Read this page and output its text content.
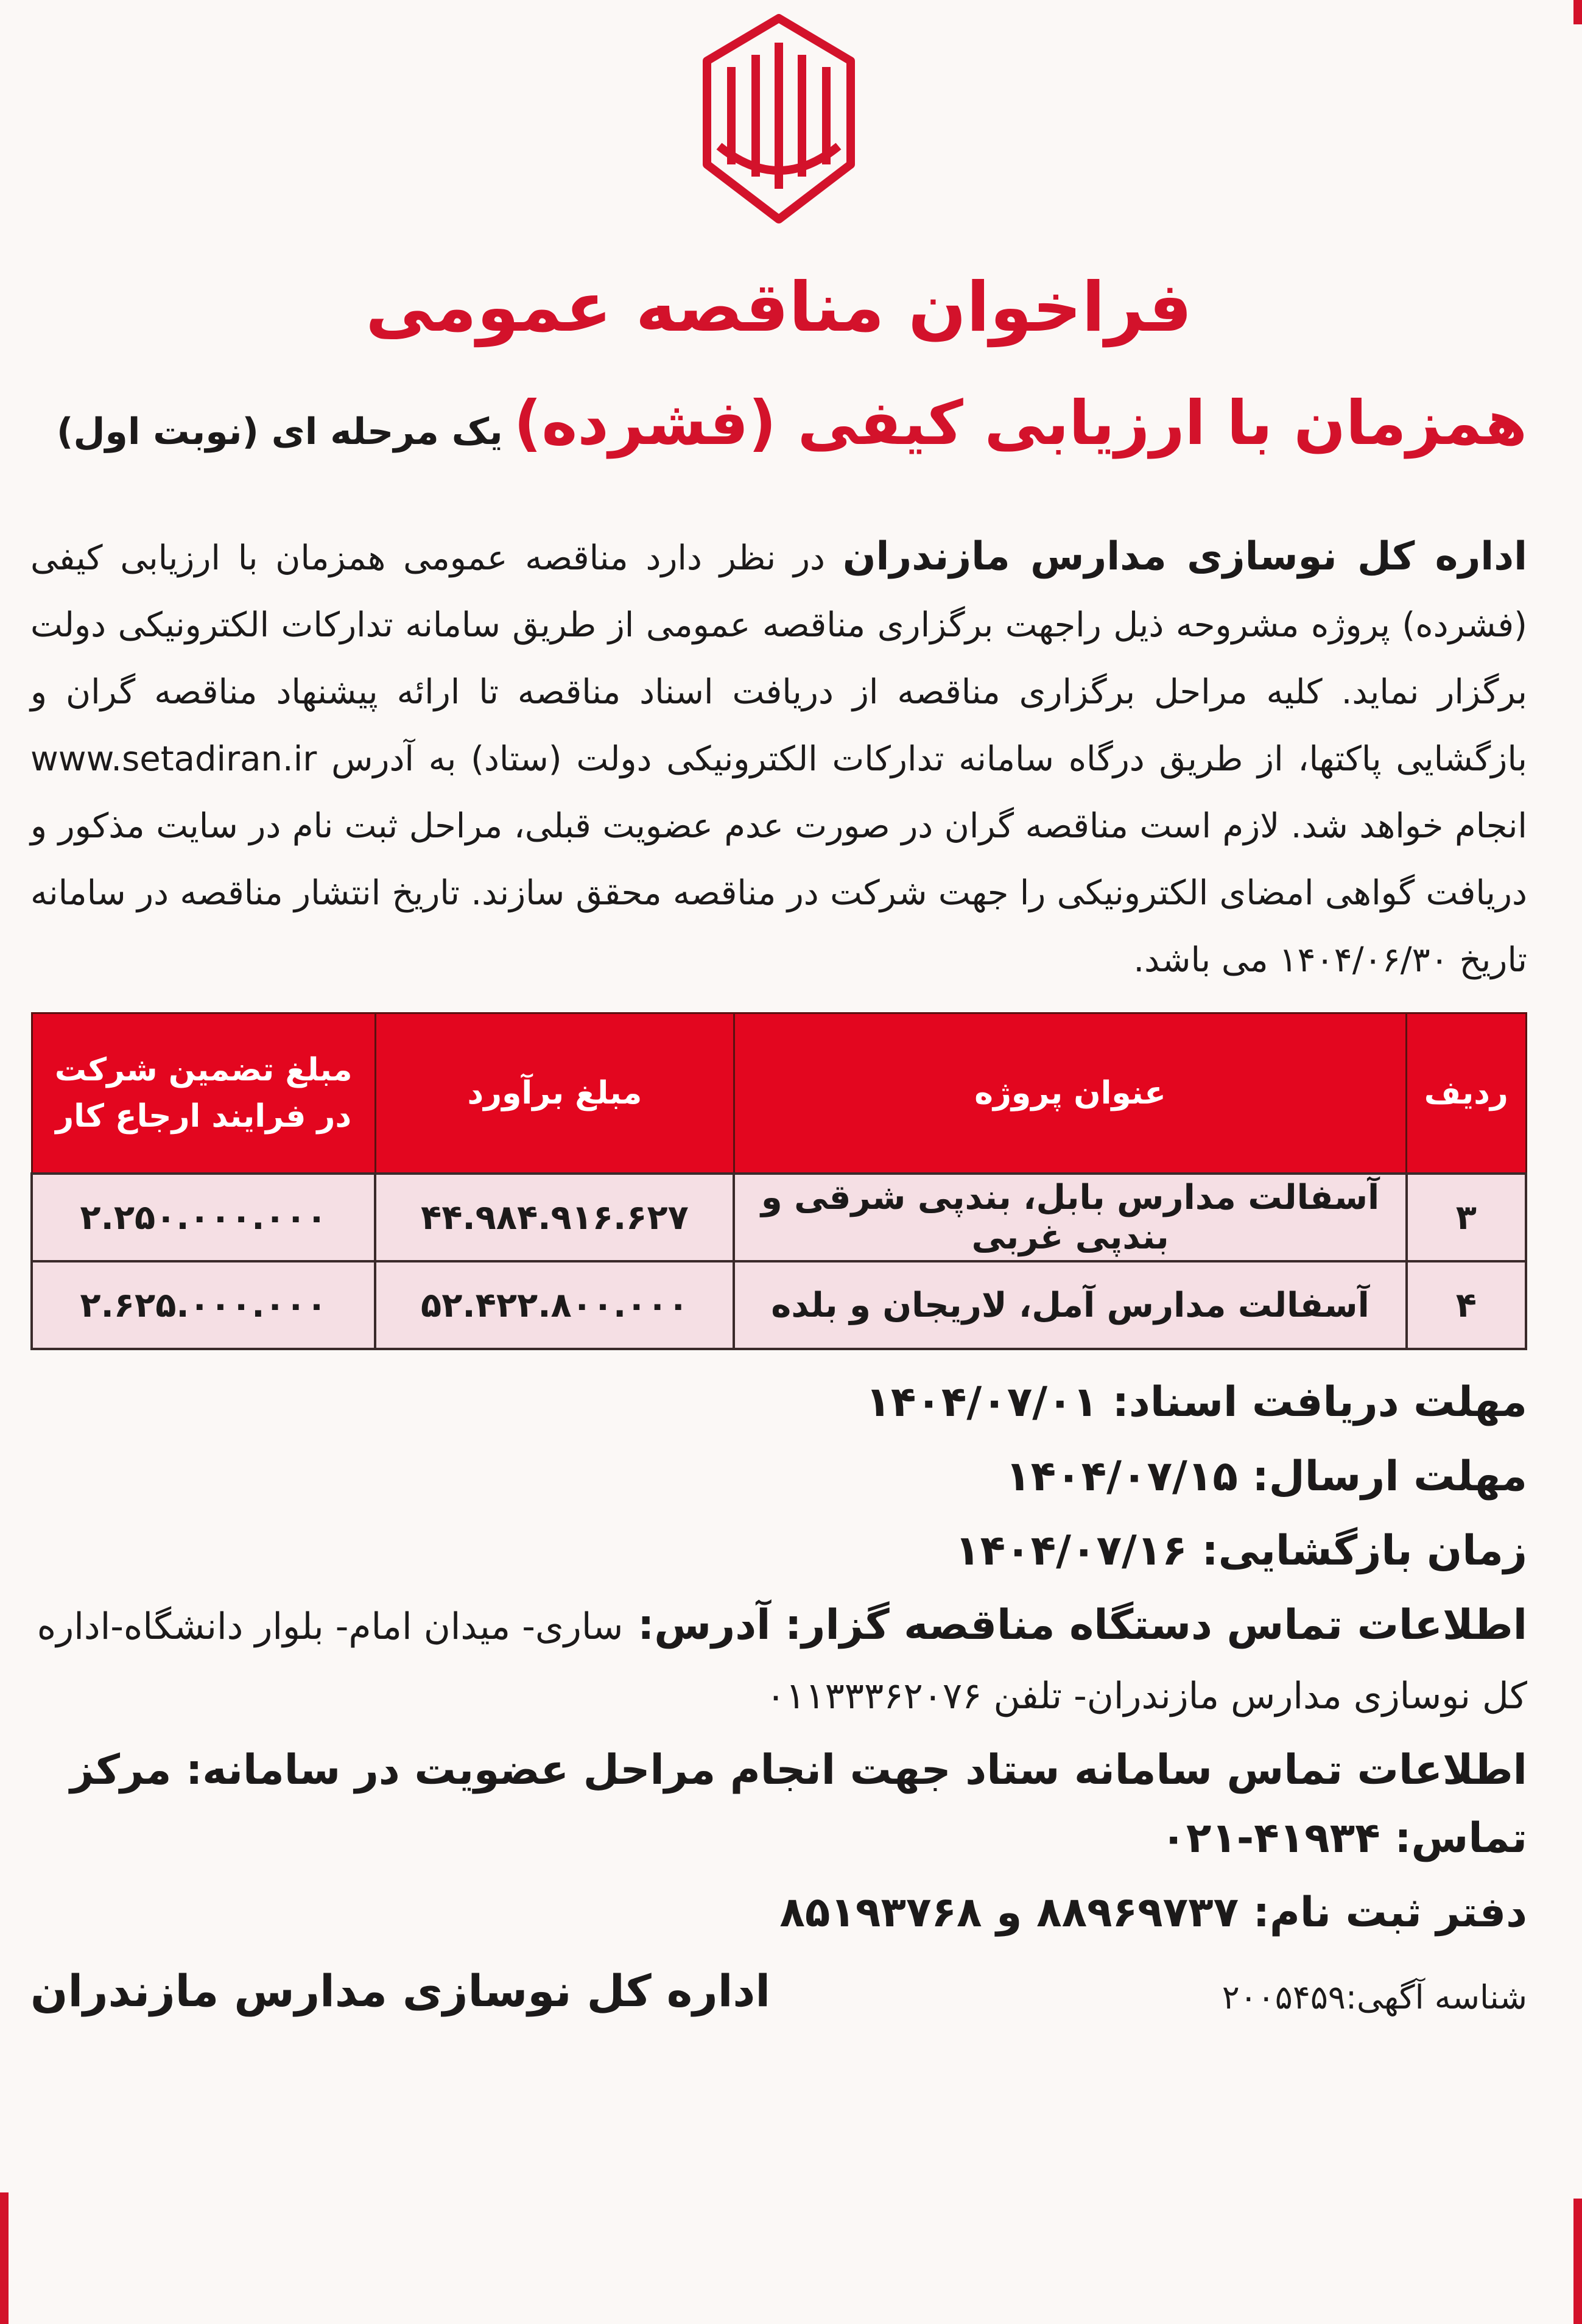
فراخوان مناقصه عمومی
همزمان با ارزیابی کیفی (فشرده)یک مرحله ای (نوبت اول)
اداره کل نوسازی مدارس مازندران در نظر دارد مناقصه عمومی همزمان با ارزیابی کیفی (فشرده) پروژه مشروحه ذیل راجهت برگزاری مناقصه عمومی از طریق سامانه تدارکات الکترونیکی دولت برگزار نماید. کلیه مراحل برگزاری مناقصه از دریافت اسناد مناقصه تا ارائه پیشنهاد مناقصه گران و بازگشایی پاکتها، از طریق درگاه سامانه تدارکات الکترونیکی دولت (ستاد) به آدرس www.setadiran.ir انجام خواهد شد. لازم است مناقصه گران در صورت عدم عضویت قبلی، مراحل ثبت نام در سایت مذکور و دریافت گواهی امضای الکترونیکی را جهت شرکت در مناقصه محقق سازند. تاریخ انتشار مناقصه در سامانه تاریخ ۱۴۰۴/۰۶/۳۰ می باشد.
ردیف	عنوان پروژه	مبلغ برآورد	مبلغ تضمین شرکت در فرایند ارجاع کار
۳	آسفالت مدارس بابل، بندپی شرقی و بندپی غربی	۴۴.۹۸۴.۹۱۶.۶۲۷	۲.۲۵۰.۰۰۰.۰۰۰
۴	آسفالت مدارس آمل، لاریجان و بلده	۵۲.۴۲۲.۸۰۰.۰۰۰	۲.۶۲۵.۰۰۰.۰۰۰
مهلت دریافت اسناد: ۱۴۰۴/۰۷/۰۱
مهلت ارسال: ۱۴۰۴/۰۷/۱۵
زمان بازگشایی: ۱۴۰۴/۰۷/۱۶
اطلاعات تماس دستگاه مناقصه گزار: آدرس: ساری- میدان امام- بلوار دانشگاه-اداره کل نوسازی مدارس مازندران- تلفن ۰۱۱۳۳۳۶۲۰۷۶
اطلاعات تماس سامانه ستاد جهت انجام مراحل عضویت در سامانه: مرکز تماس: ۰۲۱-۴۱۹۳۴
دفتر ثبت نام: ۸۸۹۶۹۷۳۷ و ۸۵۱۹۳۷۶۸
شناسه آگهی:۲۰۰۵۴۵۹
اداره کل نوسازی مدارس مازندران
